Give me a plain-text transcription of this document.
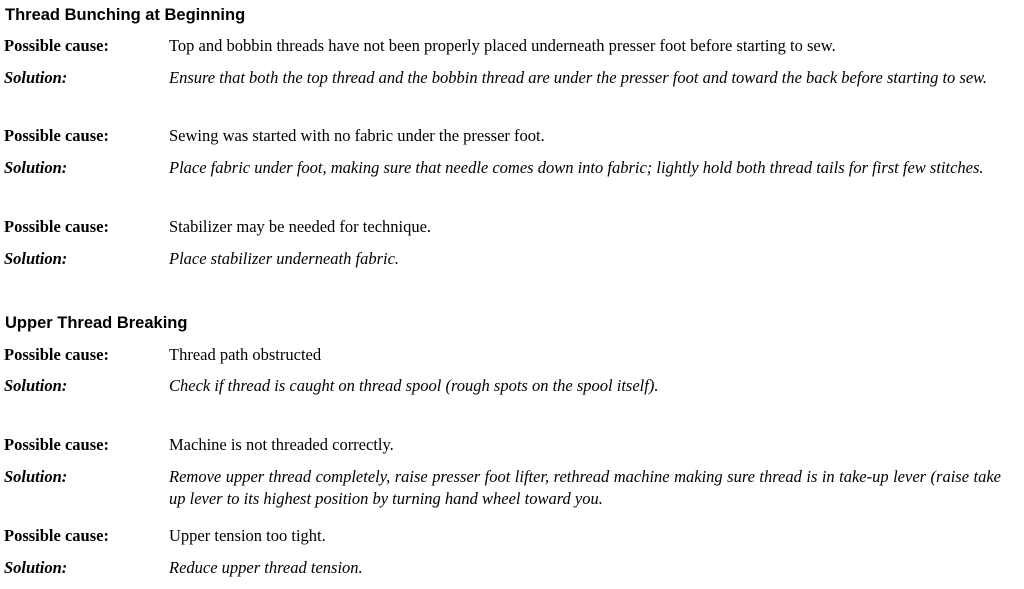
Thread Bunching at Beginning
Possible cause:	Top and bobbin threads have not been properly placed underneath presser foot before starting to sew.
Solution:	Ensure that both the top thread and the bobbin thread are under the presser foot and toward the back before starting to sew.
Possible cause:	Sewing was started with no fabric under the presser foot.
Solution:	Place fabric under foot, making sure that needle comes down into fabric; lightly hold both thread tails for first few stitches.
Possible cause:	Stabilizer may be needed for technique.
Solution:	Place stabilizer underneath fabric.
Upper Thread Breaking
Possible cause:	Thread path obstructed
Solution:	Check if thread is caught on thread spool (rough spots on the spool itself).
Possible cause:	Machine is not threaded correctly.
Solution:	Remove upper thread completely, raise presser foot lifter, rethread machine making sure thread is in take-up lever (raise take up lever to its highest position by turning hand wheel toward you.
Possible cause:	Upper tension too tight.
Solution:	Reduce upper thread tension.
